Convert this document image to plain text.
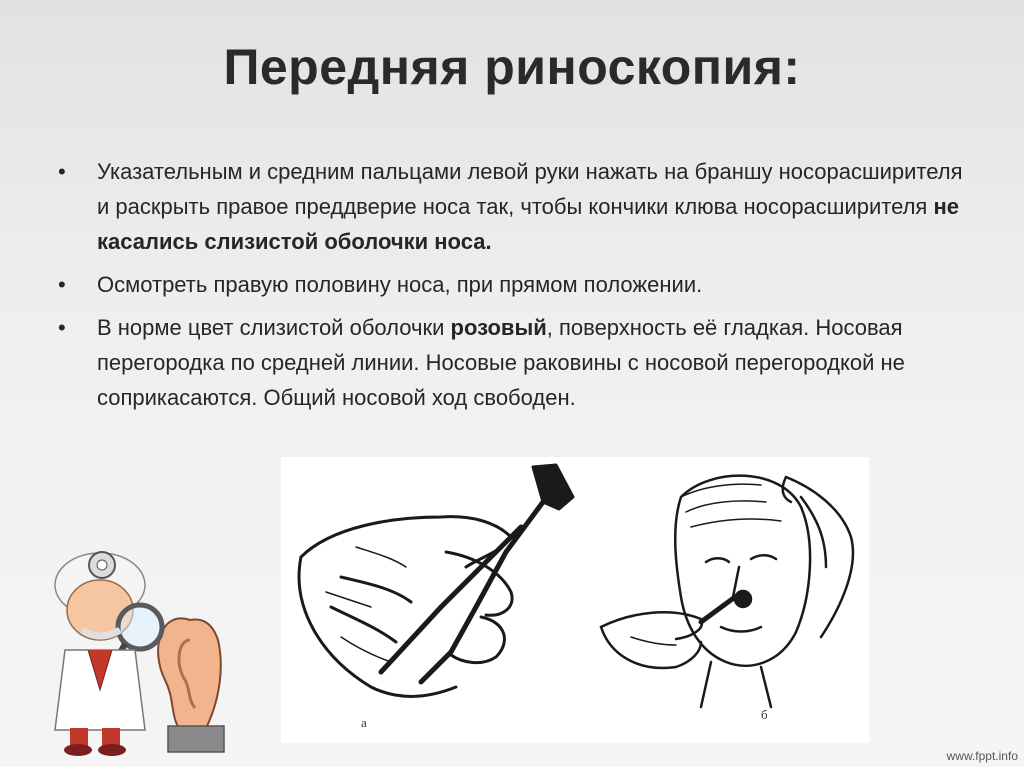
Передняя риноскопия:
• Указательным и средним пальцами левой руки нажать на браншу носорасширителя и раскрыть правое преддверие носа так, чтобы кончики клюва носорасширителя не касались слизистой оболочки носа.
• Осмотреть правую половину носа, при прямом положении.
• В норме цвет слизистой оболочки розовый, поверхность её гладкая. Носовая перегородка по средней линии. Носовые раковины с носовой перегородкой не соприкасаются. Общий носовой ход свободен.
а
б
www.fppt.info
